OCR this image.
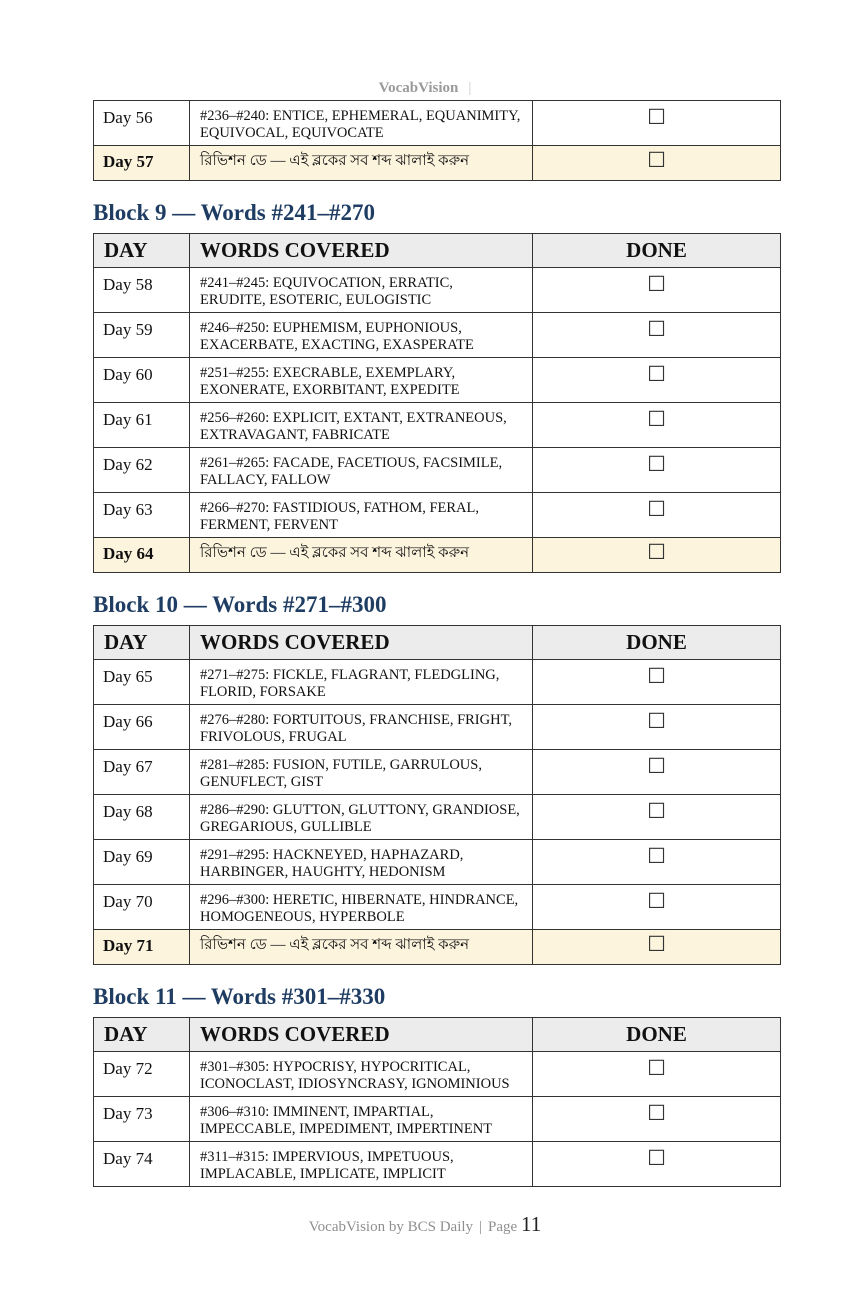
VocabVision |
Day 56	#236–#240: ENTICE, EPHEMERAL, EQUANIMITY, EQUIVOCAL, EQUIVOCATE	☐
Day 57	রিভিশন ডে — এই ব্লকের সব শব্দ ঝালাই করুন	☐
Block 9 — Words #241–#270
DAY	WORDS COVERED	DONE
Day 58	#241–#245: EQUIVOCATION, ERRATIC, ERUDITE, ESOTERIC, EULOGISTIC	☐
Day 59	#246–#250: EUPHEMISM, EUPHONIOUS, EXACERBATE, EXACTING, EXASPERATE	☐
Day 60	#251–#255: EXECRABLE, EXEMPLARY, EXONERATE, EXORBITANT, EXPEDITE	☐
Day 61	#256–#260: EXPLICIT, EXTANT, EXTRANEOUS, EXTRAVAGANT, FABRICATE	☐
Day 62	#261–#265: FACADE, FACETIOUS, FACSIMILE, FALLACY, FALLOW	☐
Day 63	#266–#270: FASTIDIOUS, FATHOM, FERAL, FERMENT, FERVENT	☐
Day 64	রিভিশন ডে — এই ব্লকের সব শব্দ ঝালাই করুন	☐
Block 10 — Words #271–#300
DAY	WORDS COVERED	DONE
Day 65	#271–#275: FICKLE, FLAGRANT, FLEDGLING, FLORID, FORSAKE	☐
Day 66	#276–#280: FORTUITOUS, FRANCHISE, FRIGHT, FRIVOLOUS, FRUGAL	☐
Day 67	#281–#285: FUSION, FUTILE, GARRULOUS, GENUFLECT, GIST	☐
Day 68	#286–#290: GLUTTON, GLUTTONY, GRANDIOSE, GREGARIOUS, GULLIBLE	☐
Day 69	#291–#295: HACKNEYED, HAPHAZARD, HARBINGER, HAUGHTY, HEDONISM	☐
Day 70	#296–#300: HERETIC, HIBERNATE, HINDRANCE, HOMOGENEOUS, HYPERBOLE	☐
Day 71	রিভিশন ডে — এই ব্লকের সব শব্দ ঝালাই করুন	☐
Block 11 — Words #301–#330
DAY	WORDS COVERED	DONE
Day 72	#301–#305: HYPOCRISY, HYPOCRITICAL, ICONOCLAST, IDIOSYNCRASY, IGNOMINIOUS	☐
Day 73	#306–#310: IMMINENT, IMPARTIAL, IMPECCABLE, IMPEDIMENT, IMPERTINENT	☐
Day 74	#311–#315: IMPERVIOUS, IMPETUOUS, IMPLACABLE, IMPLICATE, IMPLICIT	☐
VocabVision by BCS Daily | Page 11
